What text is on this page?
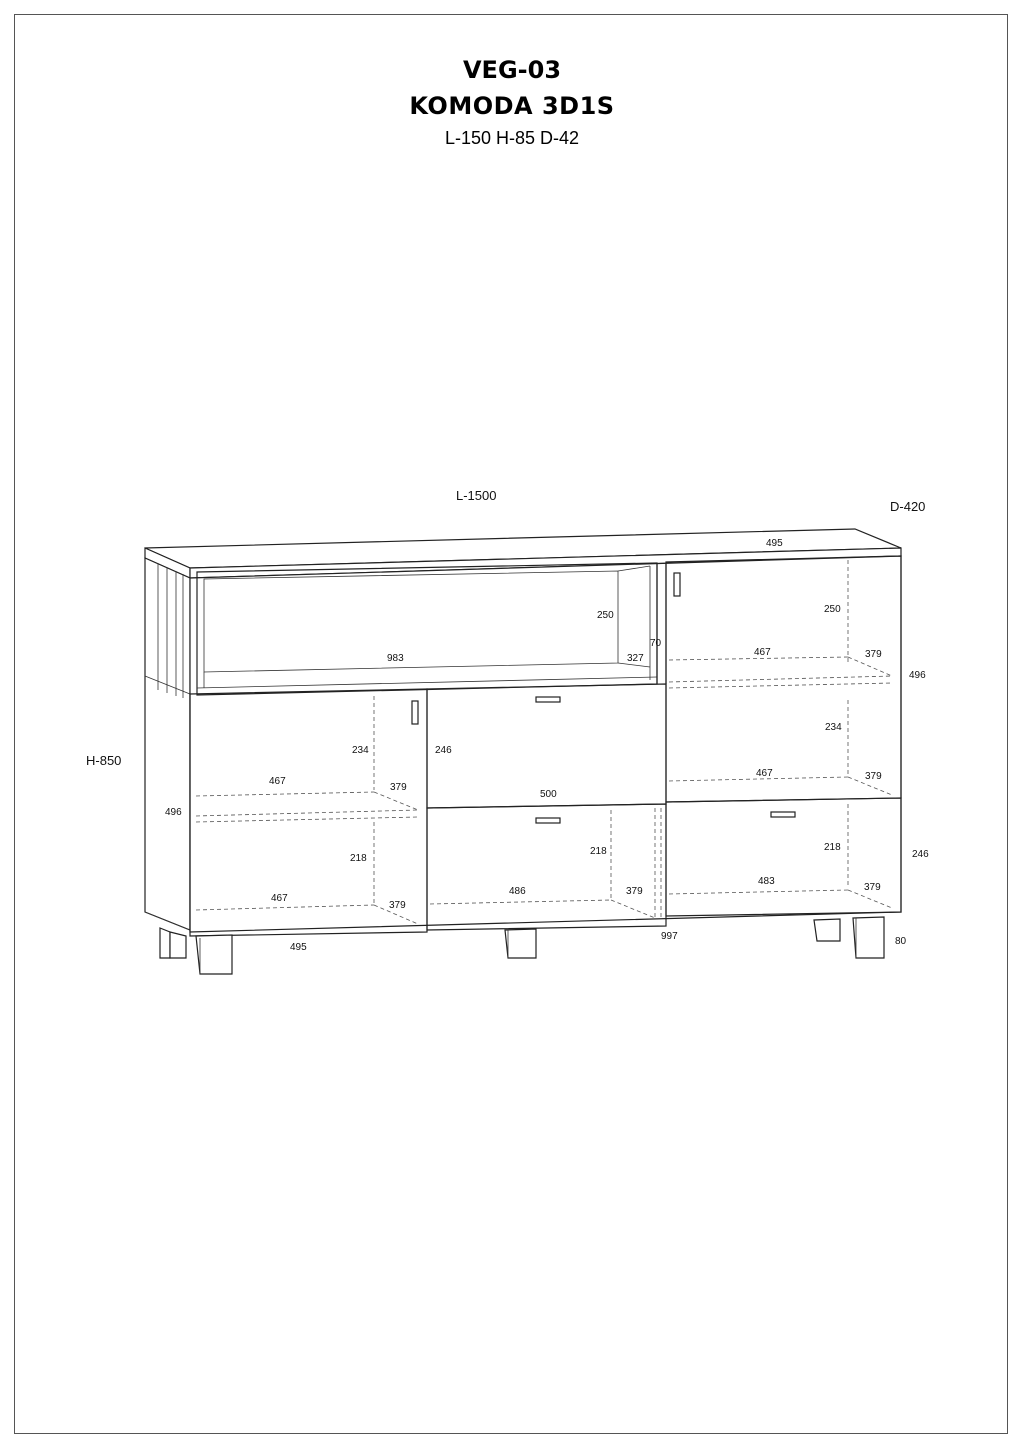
VEG-03
KOMODA 3D1S
L-150 H-85 D-42
L-1500
D-420
H-850
495
250
983	327
70
250
467	379
496
234
467	379
234
467
379
496
246
500
218
467
379
218
486	379
218
483
379
246
495
997	80
